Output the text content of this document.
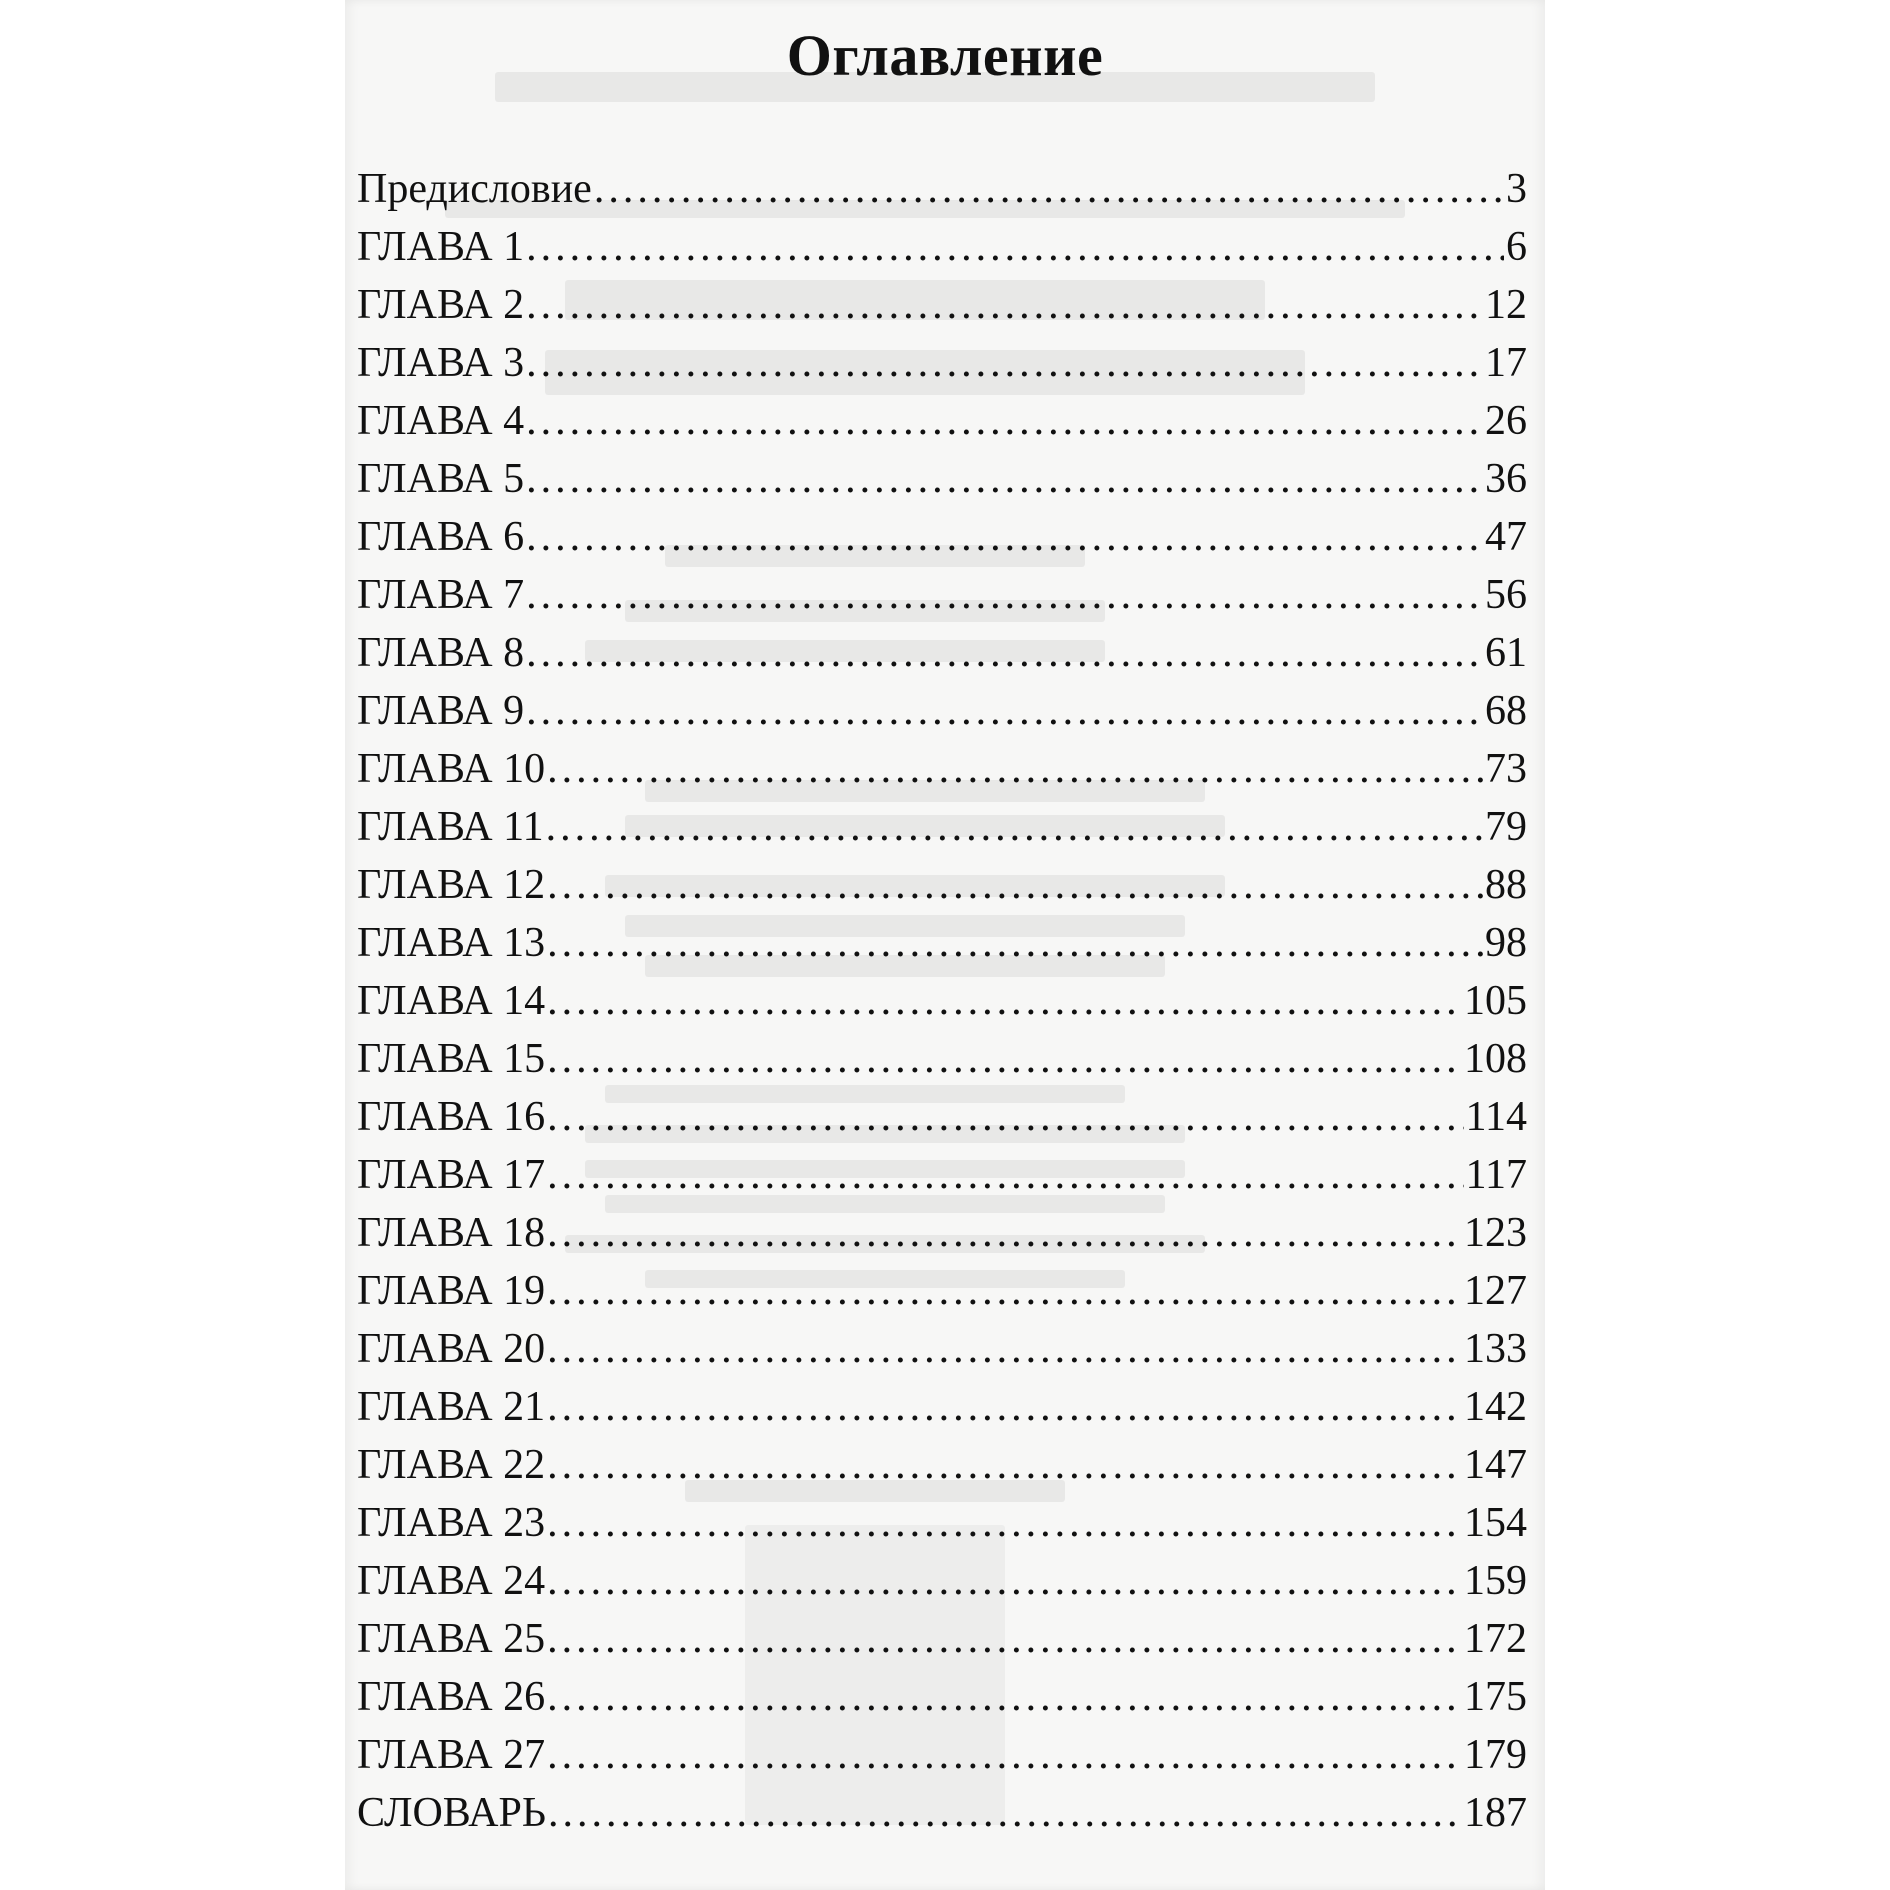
Оглавление
Предисловие .....	3
ГЛАВА 1 .....	6
ГЛАВА 2 .....	12
ГЛАВА 3 .....	17
ГЛАВА 4 .....	26
ГЛАВА 5 .....	36
ГЛАВА 6 .....	47
ГЛАВА 7 .....	56
ГЛАВА 8 .....	61
ГЛАВА 9 .....	68
ГЛАВА 10 .....	73
ГЛАВА 11 .....	79
ГЛАВА 12 .....	88
ГЛАВА 13 .....	98
ГЛАВА 14 .....	105
ГЛАВА 15 .....	108
ГЛАВА 16 .....	114
ГЛАВА 17 .....	117
ГЛАВА 18 .....	123
ГЛАВА 19 .....	127
ГЛАВА 20 .....	133
ГЛАВА 21 .....	142
ГЛАВА 22 .....	147
ГЛАВА 23 .....	154
ГЛАВА 24 .....	159
ГЛАВА 25 .....	172
ГЛАВА 26 .....	175
ГЛАВА 27 .....	179
СЛОВАРЬ .....	187
